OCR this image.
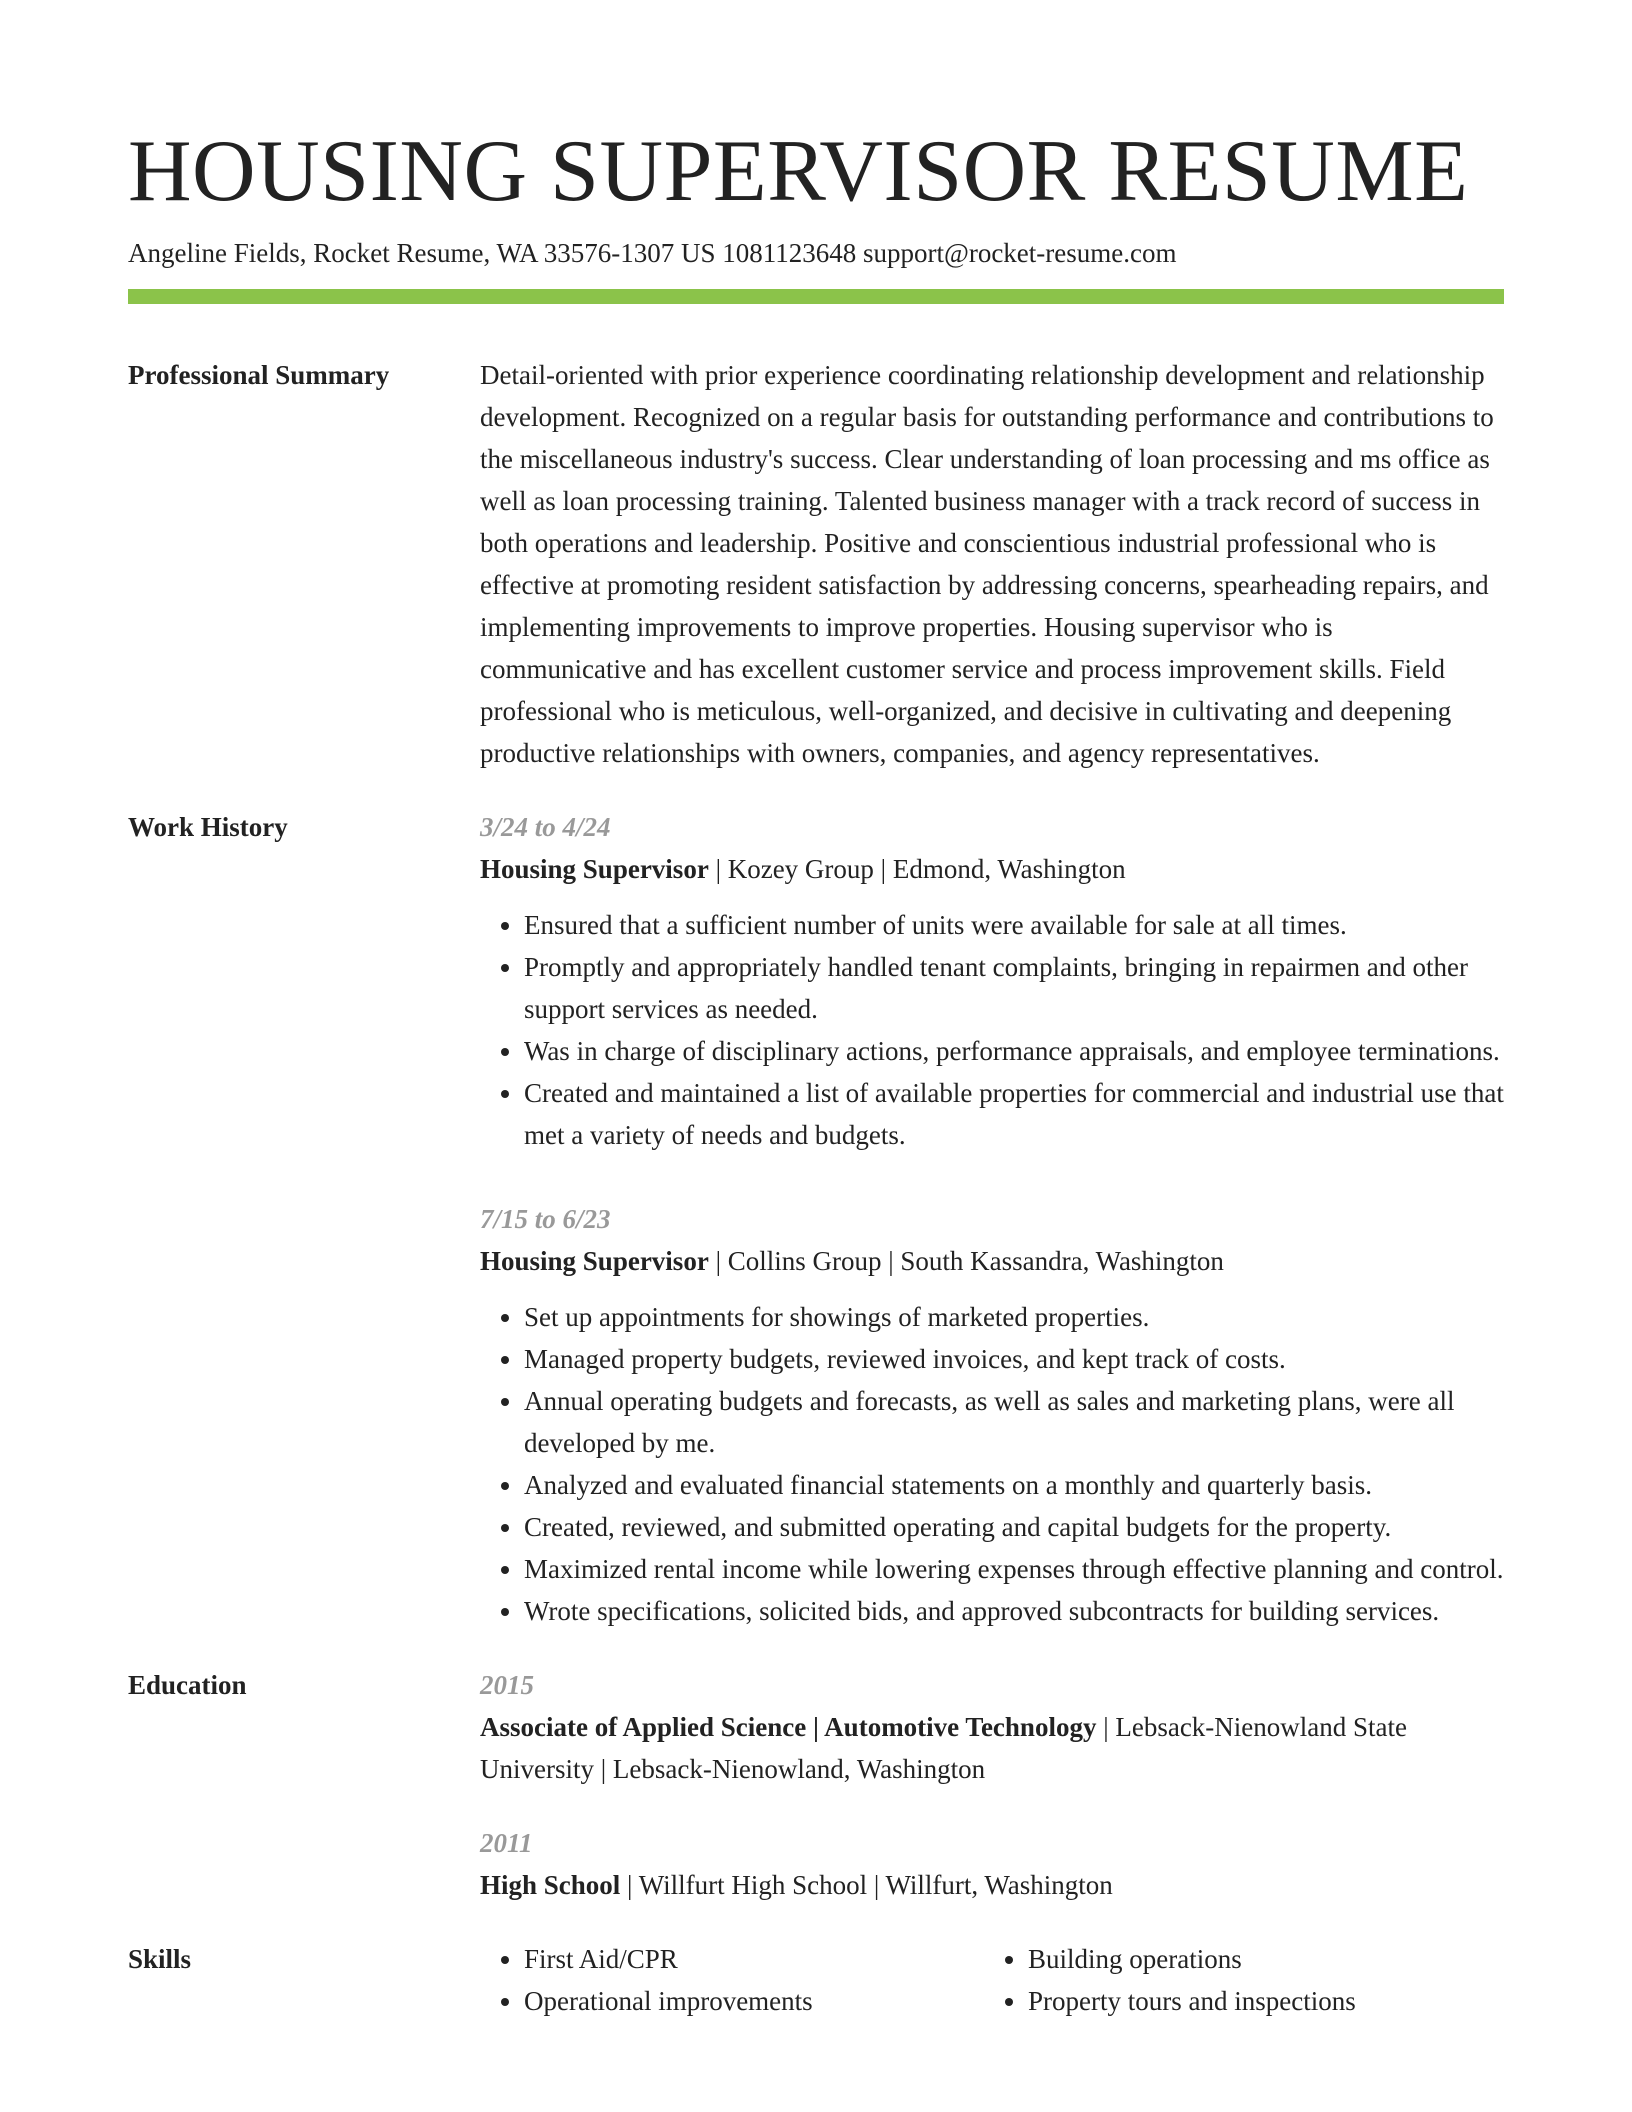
HOUSING SUPERVISOR RESUME
Angeline Fields, Rocket Resume, WA 33576-1307 US 1081123648 support@rocket-resume.com
Professional Summary	Detail-oriented with prior experience coordinating relationship development and relationship development. Recognized on a regular basis for outstanding performance and contributions to the miscellaneous industry's success. Clear understanding of loan processing and ms office as well as loan processing training. Talented business manager with a track record of success in both operations and leadership. Positive and conscientious industrial professional who is effective at promoting resident satisfaction by addressing concerns, spearheading repairs, and implementing improvements to improve properties. Housing supervisor who is communicative and has excellent customer service and process improvement skills. Field professional who is meticulous, well-organized, and decisive in cultivating and deepening productive relationships with owners, companies, and agency representatives.
Work History	3/24 to 4/24
Housing Supervisor | Kozey Group | Edmond, Washington
• Ensured that a sufficient number of units were available for sale at all times.
• Promptly and appropriately handled tenant complaints, bringing in repairmen and other support services as needed.
• Was in charge of disciplinary actions, performance appraisals, and employee terminations.
• Created and maintained a list of available properties for commercial and industrial use that met a variety of needs and budgets.
7/15 to 6/23
Housing Supervisor | Collins Group | South Kassandra, Washington
• Set up appointments for showings of marketed properties.
• Managed property budgets, reviewed invoices, and kept track of costs.
• Annual operating budgets and forecasts, as well as sales and marketing plans, were all developed by me.
• Analyzed and evaluated financial statements on a monthly and quarterly basis.
• Created, reviewed, and submitted operating and capital budgets for the property.
• Maximized rental income while lowering expenses through effective planning and control.
• Wrote specifications, solicited bids, and approved subcontracts for building services.
Education	2015
Associate of Applied Science | Automotive Technology | Lebsack-Nienowland State University | Lebsack-Nienowland, Washington
2011
High School | Willfurt High School | Willfurt, Washington
Skills
•	First Aid/CPR
• Operational improvements
• Building operations
• Property tours and inspections
